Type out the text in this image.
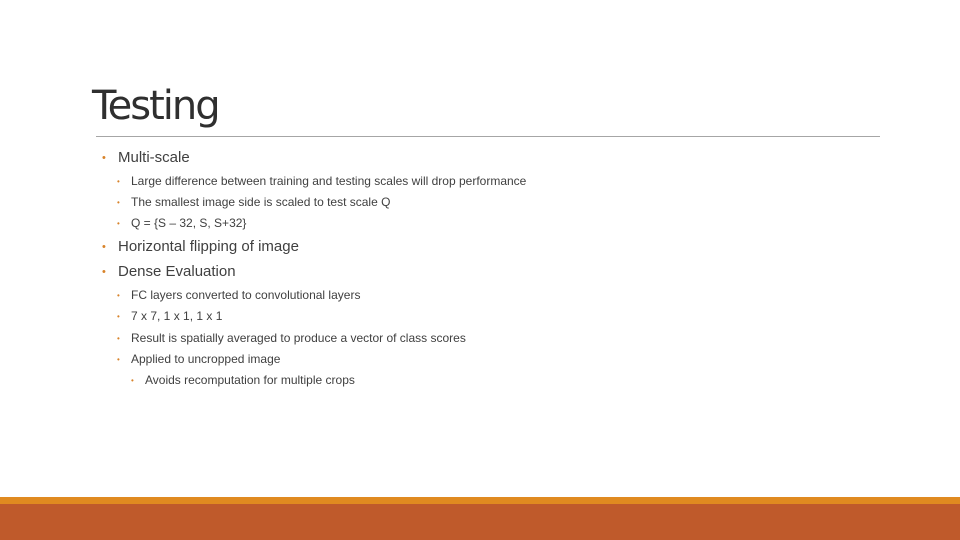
Testing
• Multi-scale
• Large difference between training and testing scales will drop performance
• The smallest image side is scaled to test scale Q
• Q = {S – 32, S, S+32}
• Horizontal flipping of image
• Dense Evaluation
• FC layers converted to convolutional layers
• 7 x 7, 1 x 1, 1 x 1
• Result is spatially averaged to produce a vector of class scores
• Applied to uncropped image
• Avoids recomputation for multiple crops
